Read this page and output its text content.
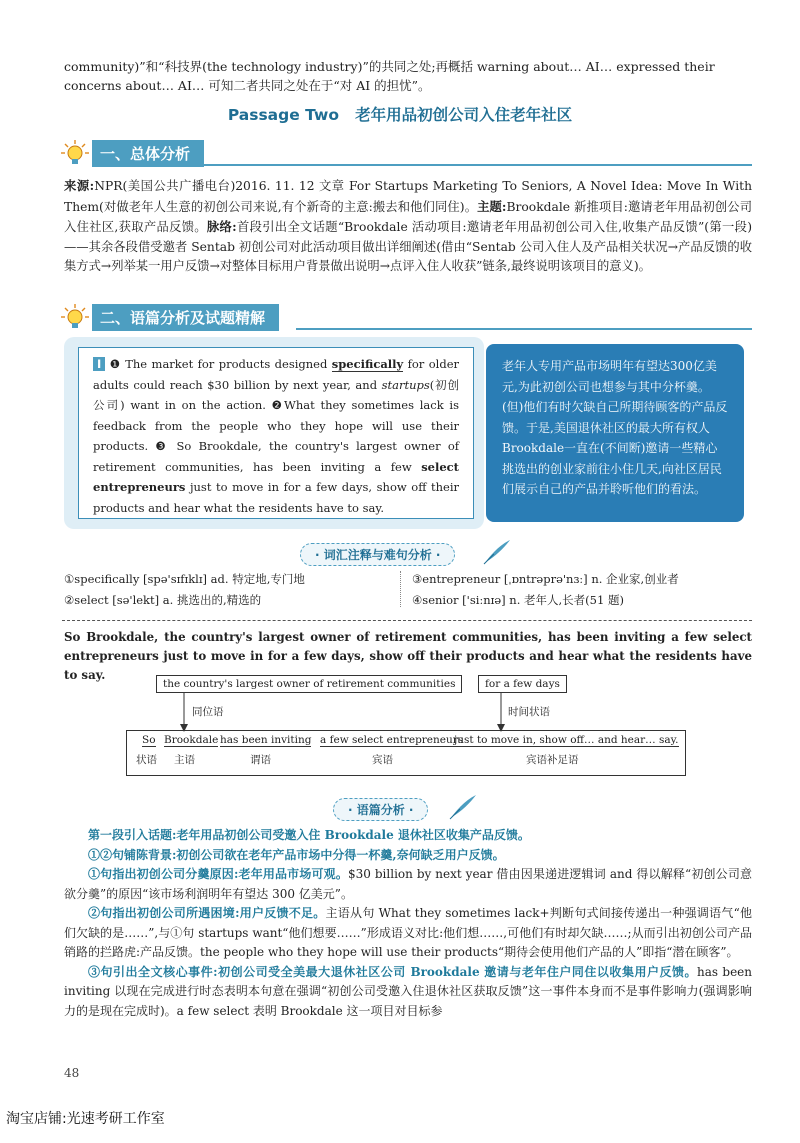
community)”和“科技界(the technology industry)”的共同之处;再概括 warning about… AI… expressed their
concerns about… AI… 可知二者共同之处在于“对 AI 的担忧”。
Passage Two   老年用品初创公司入住老年社区
一、总体分析
来源:NPR(美国公共广播电台)2016. 11. 12 文章 For Startups Marketing To Seniors, A Novel Idea: Move In With Them(对做老年人生意的初创公司来说,有个新奇的主意:搬去和他们同住)。主题:Brookdale 新推项目:邀请老年用品初创公司入住社区,获取产品反馈。脉络:首段引出全文话题“Brookdale 活动项目:邀请老年用品初创公司入住,收集产品反馈”(第一段)——其余各段借受邀者 Sentab 初创公司对此活动项目做出详细阐述(借由“Sentab 公司入住人及产品相关状况→产品反馈的收集方式→列举某一用户反馈→对整体目标用户背景做出说明→点评入住人收获”链条,最终说明该项目的意义)。
二、语篇分析及试题精解
I ❶ The market for products designed specifically for older adults could reach $30 billion by next year, and startups(初创公司) want in on the action. ❷What they sometimes lack is feedback from the people who they hope will use their products. ❸ So Brookdale, the country's largest owner of retirement communities, has been inviting a few select entrepreneurs just to move in for a few days, show off their products and hear what the residents have to say.
老年人专用产品市场明年有望达300亿美元,为此初创公司也想参与其中分杯羹。(但)他们有时欠缺自己所期待顾客的产品反馈。于是,美国退休社区的最大所有权人 Brookdale一直在(不间断)邀请一些精心挑选出的创业家前往小住几天,向社区居民们展示自己的产品并聆听他们的看法。
· 词汇注释与难句分析 ·
①specifically [spə'sɪfɪklɪ] ad. 特定地,专门地
②select [sə'lekt] a. 挑选出的,精选的
③entrepreneur [ˌɒntrəprə'nɜː] n. 企业家,创业者
④senior ['siːnɪə] n. 老年人,长者(51 题)
So Brookdale, the country's largest owner of retirement communities, has been inviting a few select entrepreneurs just to move in for a few days, show off their products and hear what the residents have to say.
the country's largest owner of retirement communities	for a few days
同位语	时间状语
So Brookdale has been inviting a few select entrepreneurs
just to move in, show off… and hear… say.
状语 主语	谓语	宾语	宾语补足语
· 语篇分析 ·
第一段引入话题:老年用品初创公司受邀入住 Brookdale 退休社区收集产品反馈。
①②句铺陈背景:初创公司欲在老年产品市场中分得一杯羹,奈何缺乏用户反馈。
①句指出初创公司分羹原因:老年用品市场可观。$30 billion by next year 借由因果递进逻辑词 and 得以解释“初创公司意欲分羹”的原因“该市场利润明年有望达 300 亿美元”。
②句指出初创公司所遇困境:用户反馈不足。主语从句 What they sometimes lack+判断句式间接传递出一种强调语气“他们欠缺的是……”,与①句 startups want“他们想要……”形成语义对比:他们想……,可他们有时却欠缺……;从而引出初创公司产品销路的拦路虎:产品反馈。the people who they hope will use their products“期待会使用他们产品的人”即指“潜在顾客”。
③句引出全文核心事件:初创公司受全美最大退休社区公司 Brookdale 邀请与老年住户同住以收集用户反馈。has been inviting 以现在完成进行时态表明本句意在强调“初创公司受邀入住退休社区获取反馈”这一事件本身而不是事件影响力(强调影响力的是现在完成时)。a few select 表明 Brookdale 这一项目对目标参
48
淘宝店铺:光速考研工作室
